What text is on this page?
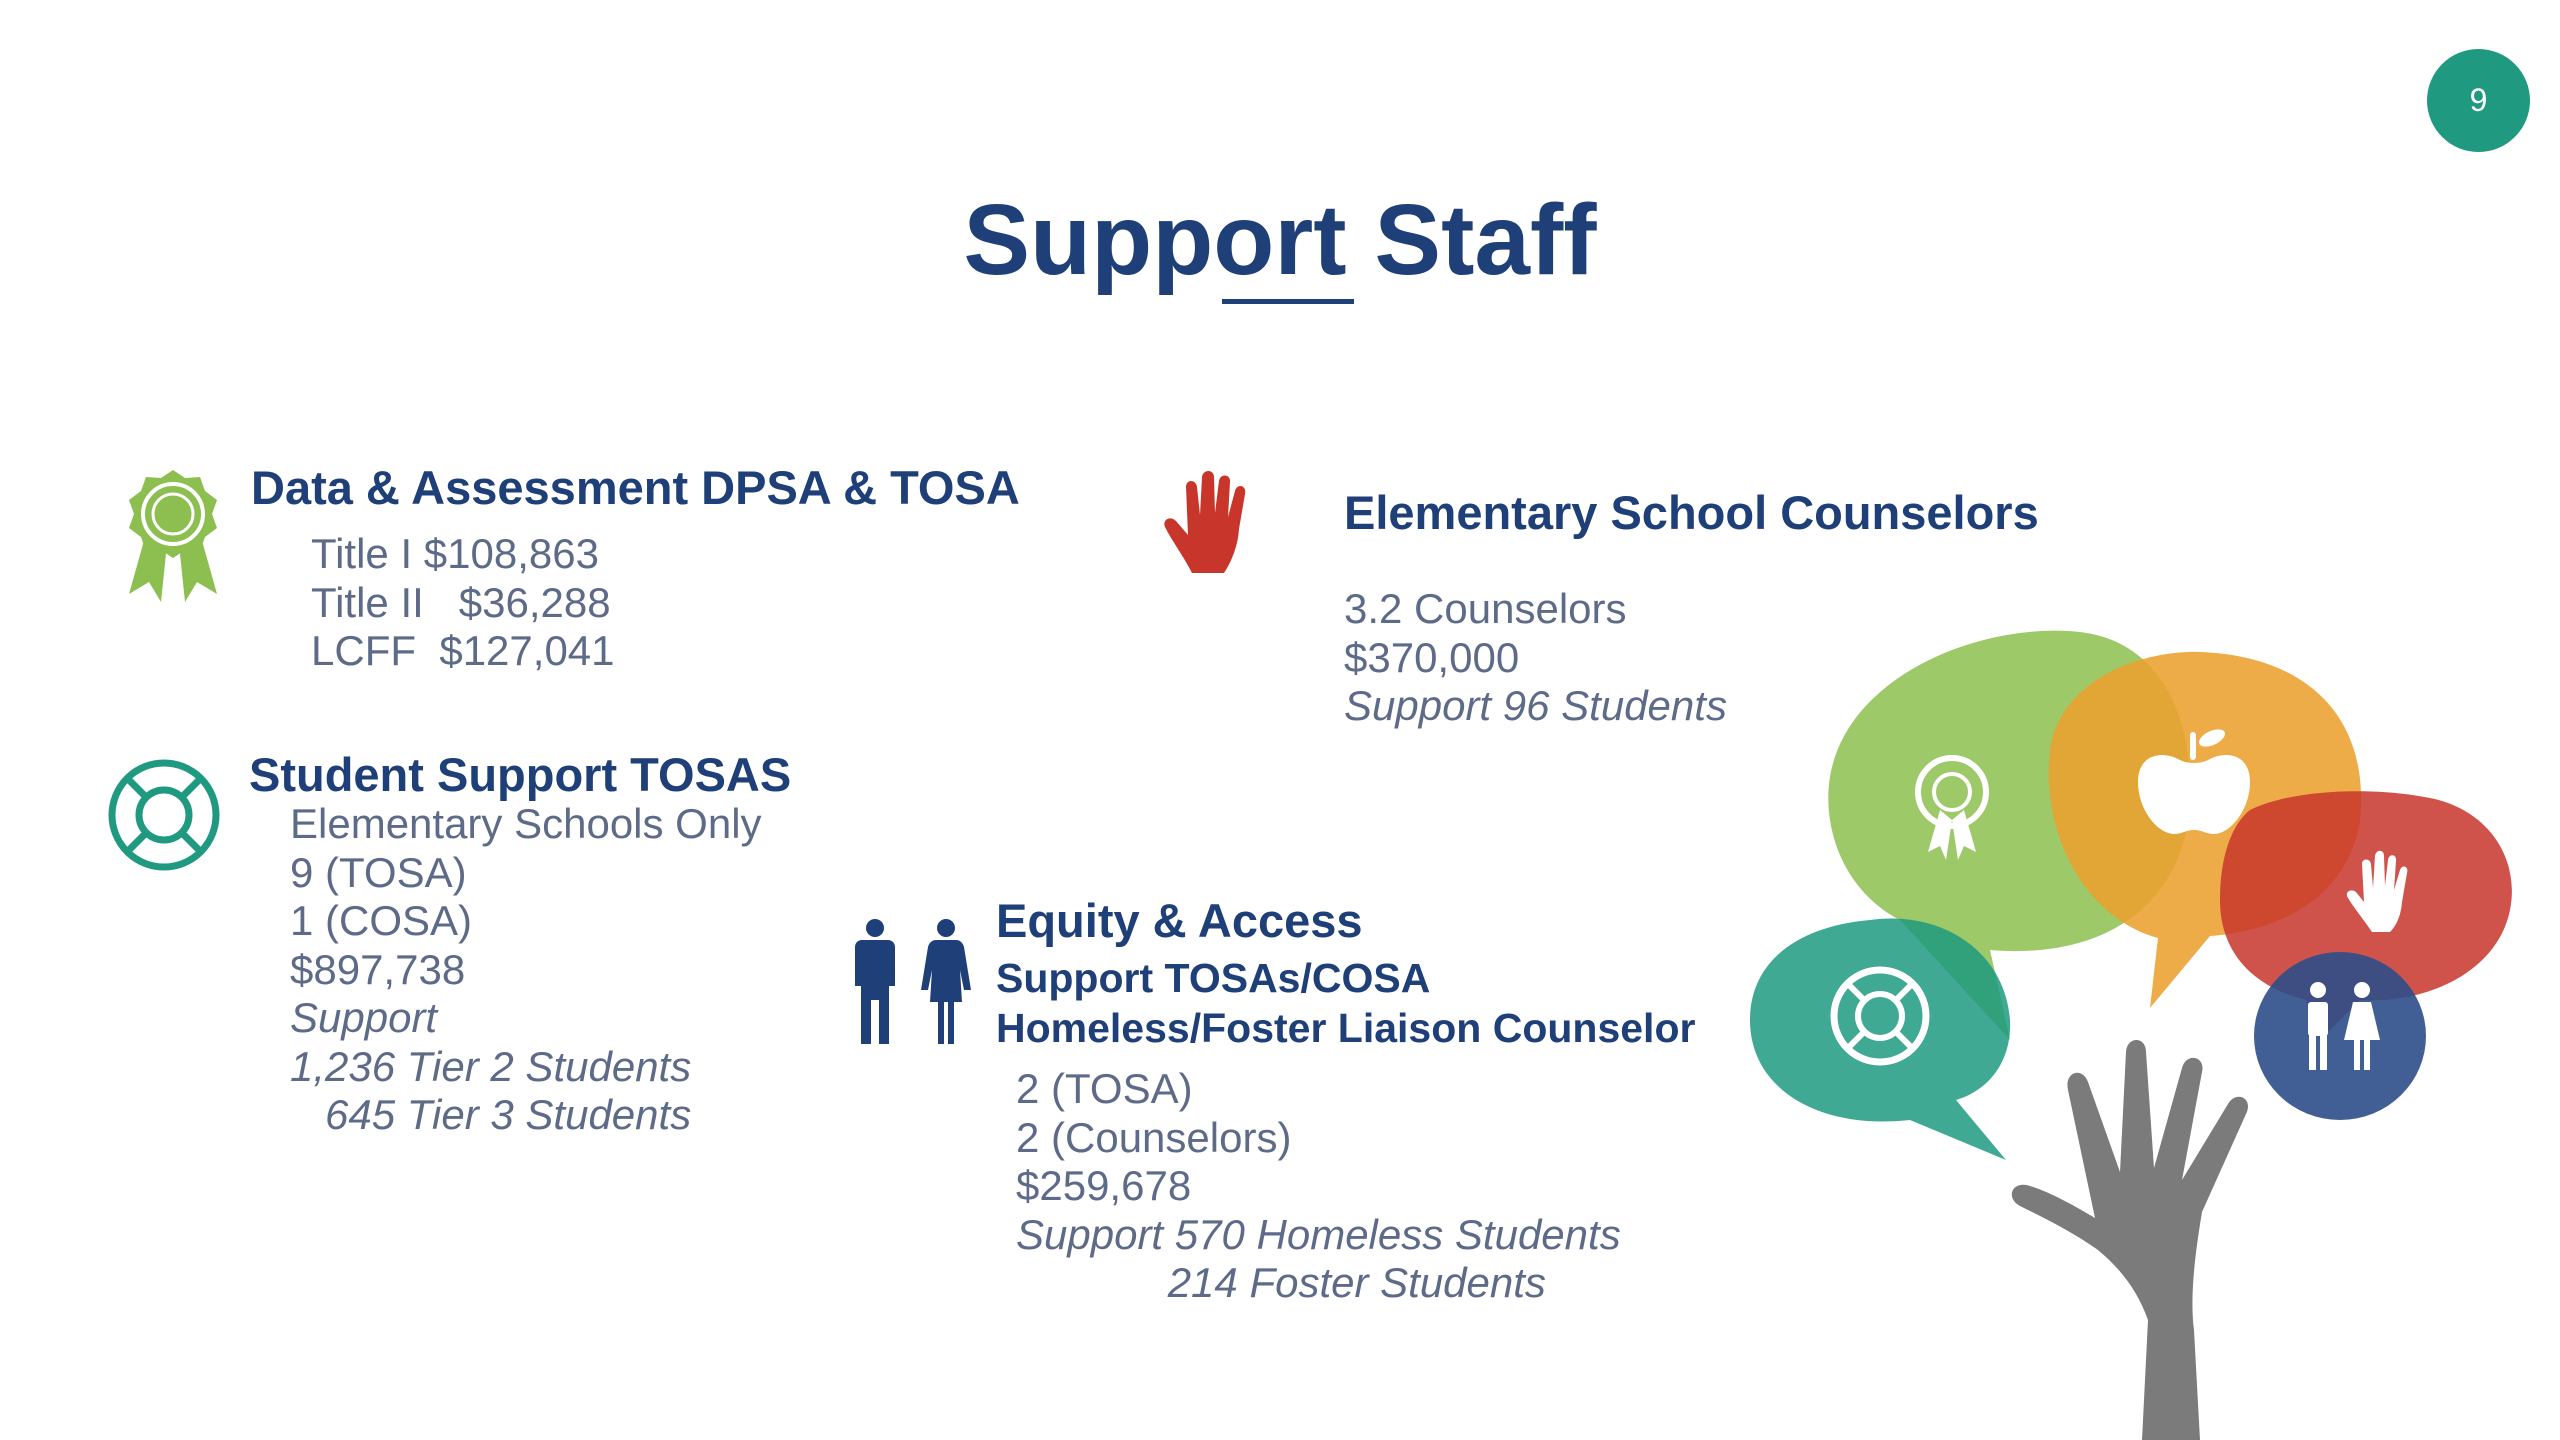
9
Support Staff
Data & Assessment DPSA & TOSA
Title I $108,863
Title II   $36,288
LCFF  $127,041
Elementary School Counselors
3.2 Counselors
$370,000
Support 96 Students
Student Support TOSAS
Elementary Schools Only
9 (TOSA)
1 (COSA)
$897,738
Support
1,236 Tier 2 Students
645 Tier 3 Students
Equity & Access
Support TOSAs/COSA
Homeless/Foster Liaison Counselor
2 (TOSA)
2 (Counselors)
$259,678
Support 570 Homeless Students
214 Foster Students
